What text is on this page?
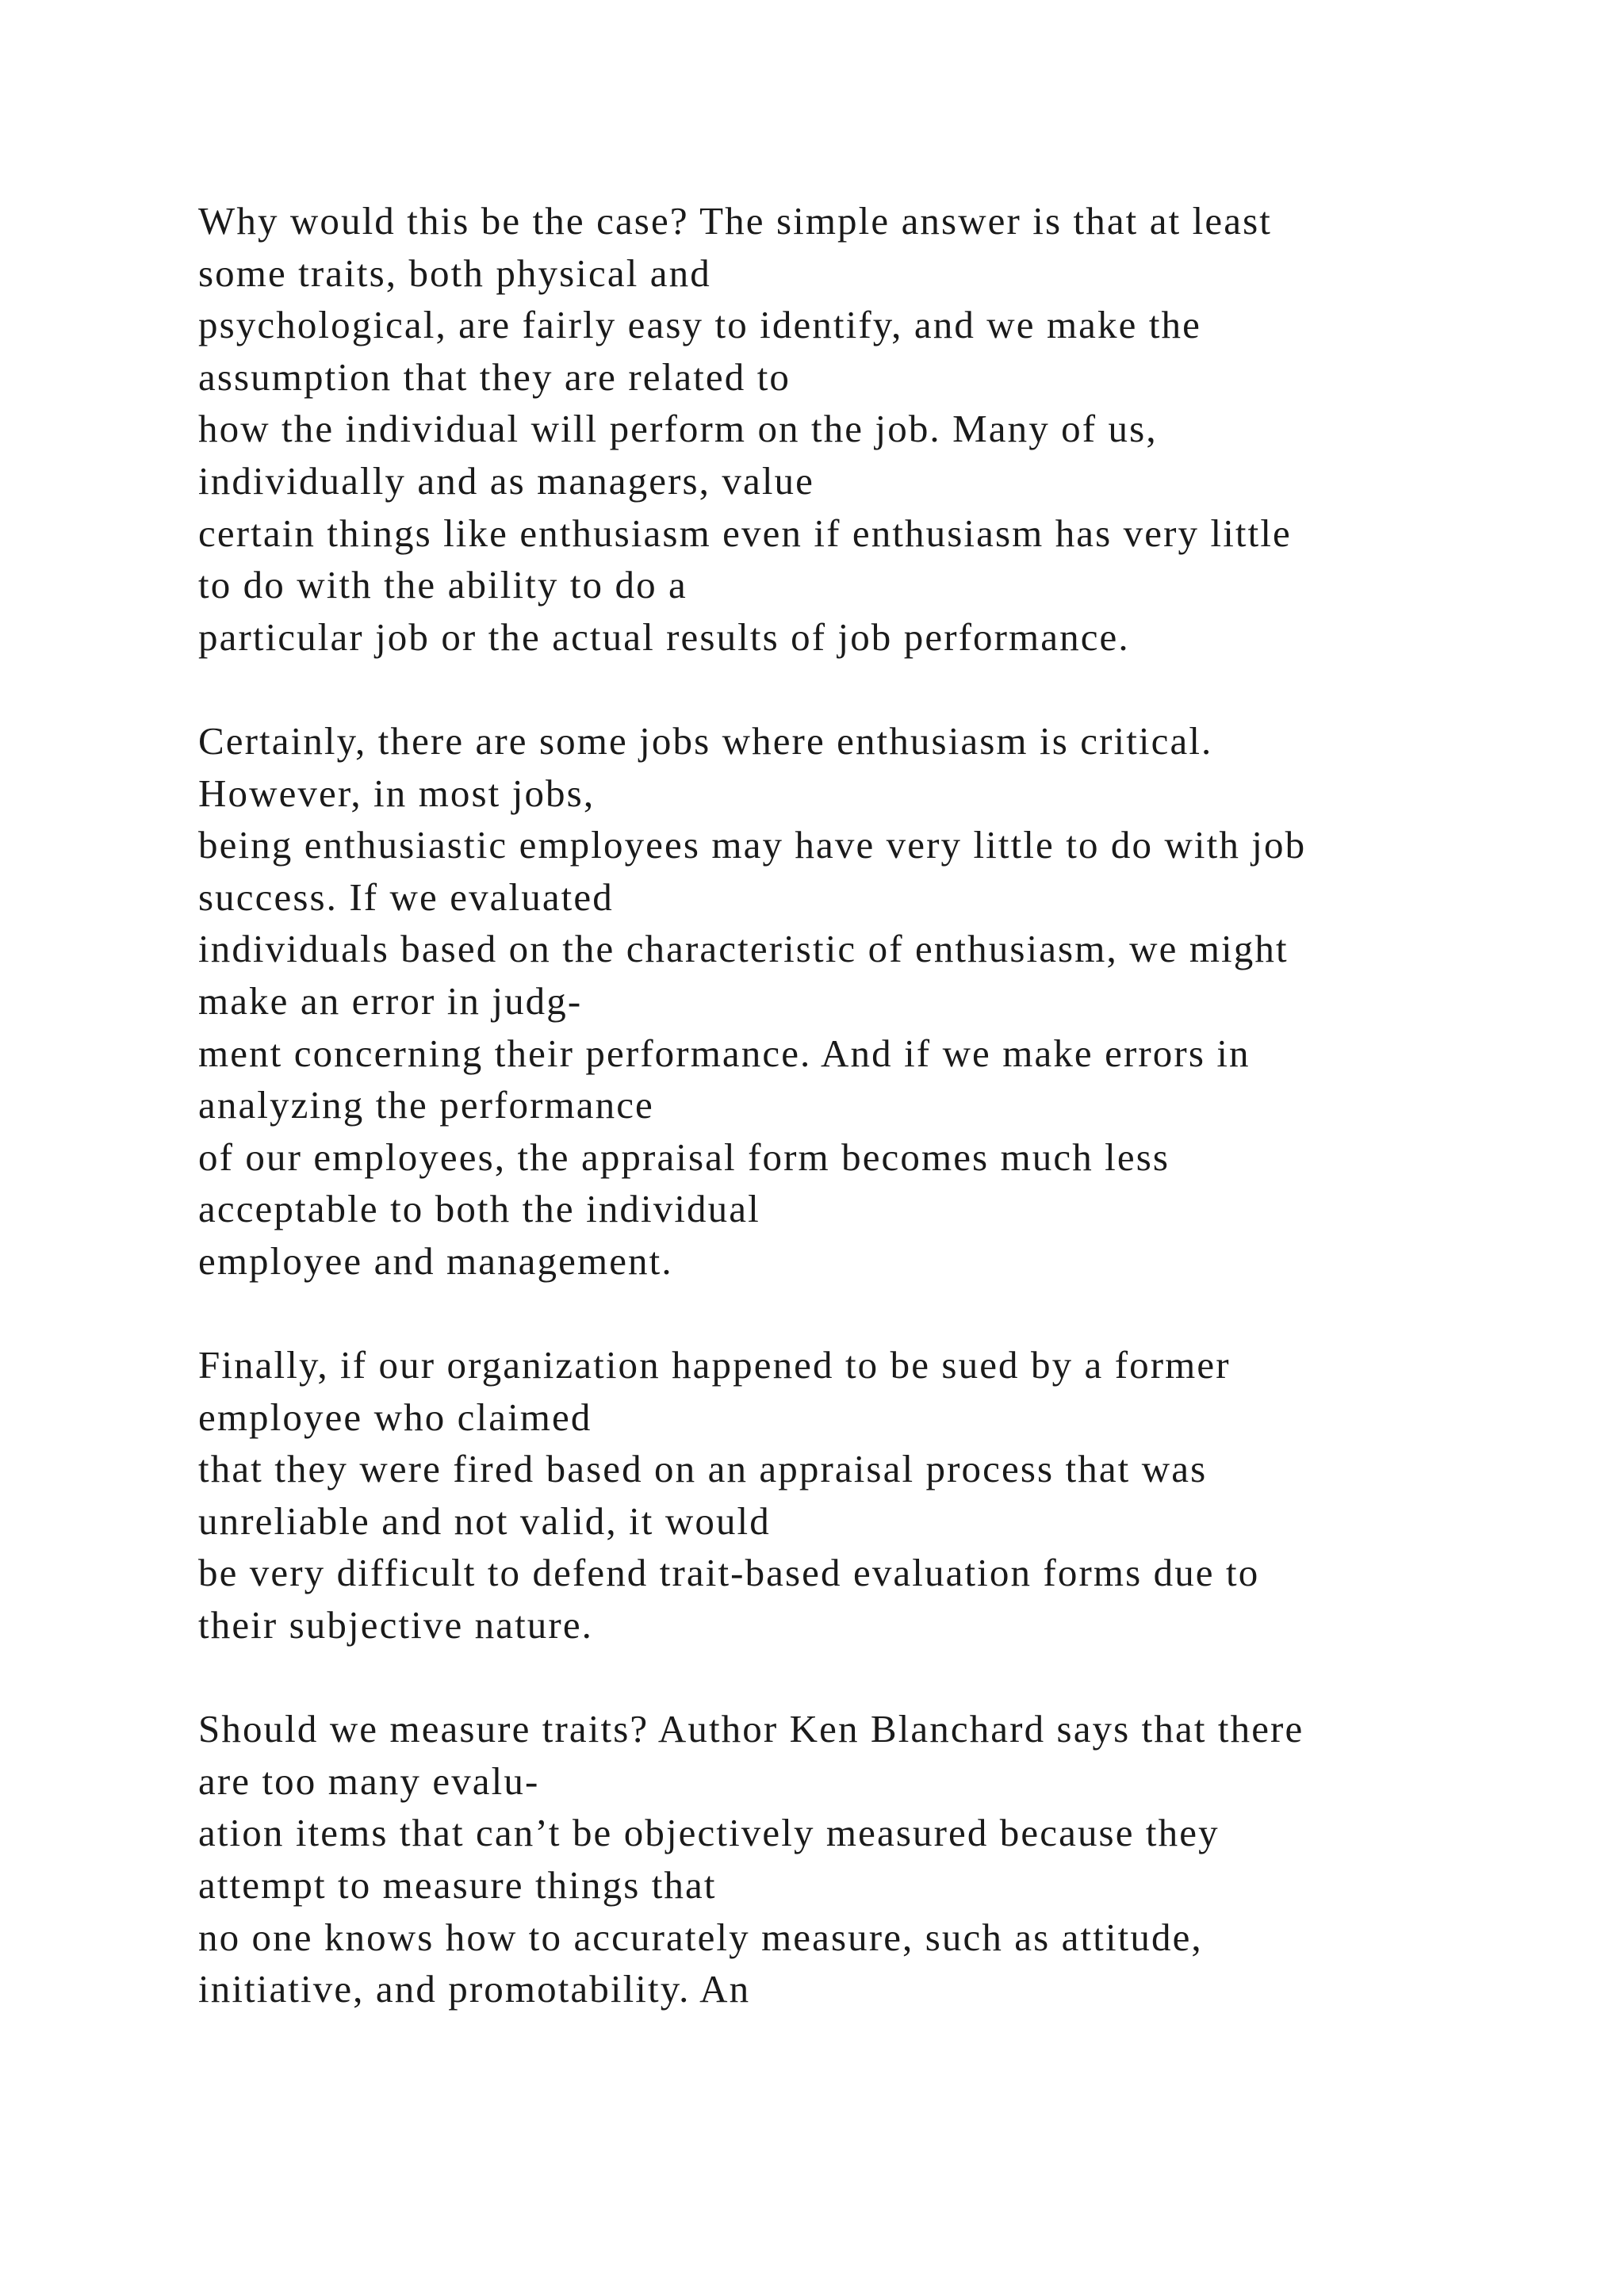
Why would this be the case? The simple answer is that at least
some traits, both physical and
psychological, are fairly easy to identify, and we make the
assumption that they are related to
how the individual will perform on the job. Many of us,
individually and as managers, value
certain things like enthusiasm even if enthusiasm has very little
to do with the ability to do a
particular job or the actual results of job performance.

Certainly, there are some jobs where enthusiasm is critical.
However, in most jobs,
being enthusiastic employees may have very little to do with job
success. If we evaluated
individuals based on the characteristic of enthusiasm, we might
make an error in judg-
ment concerning their performance. And if we make errors in
analyzing the performance
of our employees, the appraisal form becomes much less
acceptable to both the individual
employee and management.

Finally, if our organization happened to be sued by a former
employee who claimed
that they were fired based on an appraisal process that was
unreliable and not valid, it would
be very difficult to defend trait-based evaluation forms due to
their subjective nature.

Should we measure traits? Author Ken Blanchard says that there
are too many evalu-
ation items that can’t be objectively measured because they
attempt to measure things that
no one knows how to accurately measure, such as attitude,
initiative, and promotability. An
